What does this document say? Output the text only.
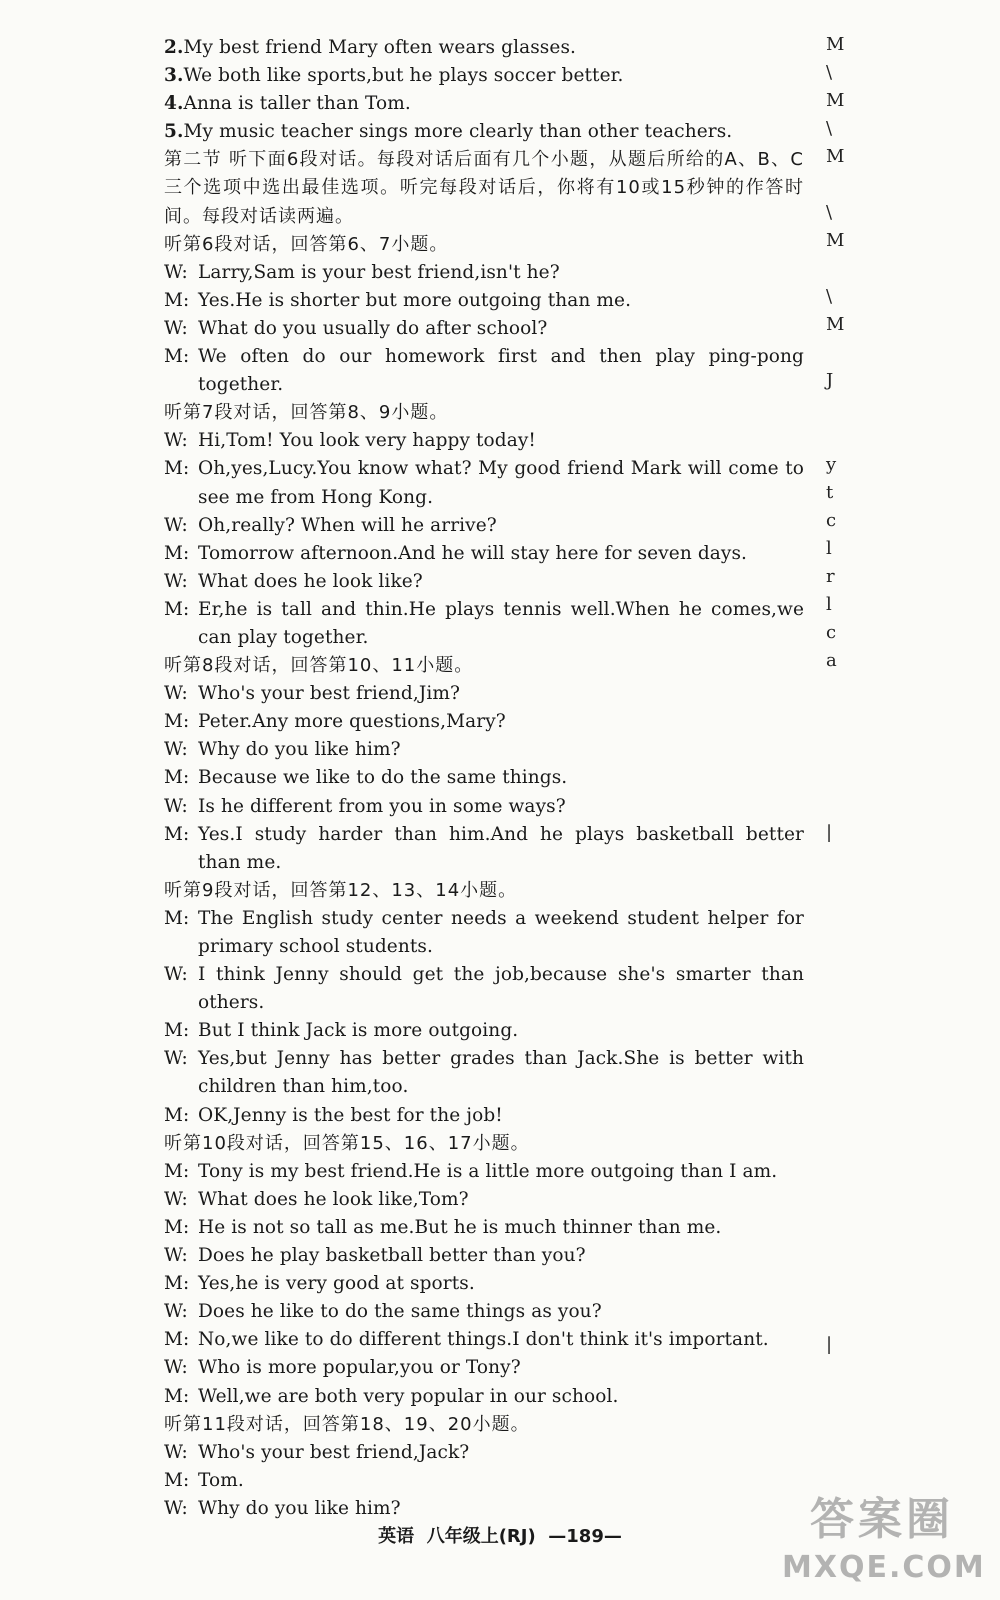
2.My best friend Mary often wears glasses.
3.We both like sports,but he plays soccer better.
4.Anna is taller than Tom.
5.My music teacher sings more clearly than other teachers.
第二节 听下面6段对话。每段对话后面有几个小题，从题后所给的A、B、C三个选项中选出最佳选项。听完每段对话后，你将有10或15秒钟的作答时间。每段对话读两遍。
听第6段对话，回答第6、7小题。
W: Larry,Sam is your best friend,isn't he?
M: Yes.He is shorter but more outgoing than me.
W: What do you usually do after school?
M: We often do our homework first and then play ping-pong together.
听第7段对话，回答第8、9小题。
W: Hi,Tom! You look very happy today!
M: Oh,yes,Lucy.You know what? My good friend Mark will come to see me from Hong Kong.
W: Oh,really? When will he arrive?
M: Tomorrow afternoon.And he will stay here for seven days.
W: What does he look like?
M: Er,he is tall and thin.He plays tennis well.When he comes,we can play together.
听第8段对话，回答第10、11小题。
W: Who's your best friend,Jim?
M: Peter.Any more questions,Mary?
W: Why do you like him?
M: Because we like to do the same things.
W: Is he different from you in some ways?
M: Yes.I study harder than him.And he plays basketball better than me.
听第9段对话，回答第12、13、14小题。
M: The English study center needs a weekend student helper for primary school students.
W: I think Jenny should get the job,because she's smarter than others.
M: But I think Jack is more outgoing.
W: Yes,but Jenny has better grades than Jack.She is better with children than him,too.
M: OK,Jenny is the best for the job!
听第10段对话，回答第15、16、17小题。
M: Tony is my best friend.He is a little more outgoing than I am.
W: What does he look like,Tom?
M: He is not so tall as me.But he is much thinner than me.
W: Does he play basketball better than you?
M: Yes,he is very good at sports.
W: Does he like to do the same things as you?
M: No,we like to do different things.I don't think it's important.
W: Who is more popular,you or Tony?
M: Well,we are both very popular in our school.
听第11段对话，回答第18、19、20小题。
W: Who's your best friend,Jack?
M: Tom.
W: Why do you like him?
M
\
M
\
M
\
M
\
M
J
y
t
c
l
r
l
c
a
|
|
英语 八年级上(RJ) —189—	答案圈
MXQE.COM
